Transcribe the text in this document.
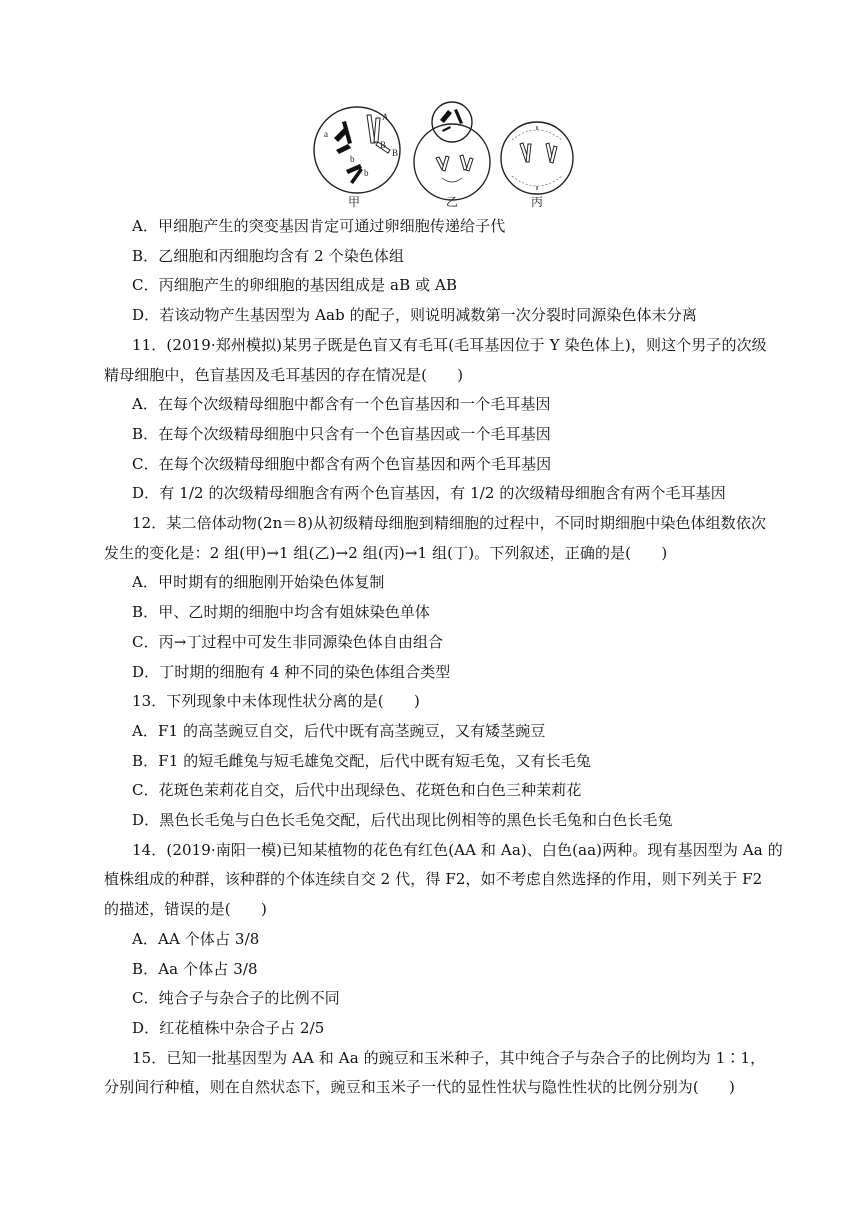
a
A
B
B
b
b
甲	乙	丙
A．甲细胞产生的突变基因肯定可通过卵细胞传递给子代
B．乙细胞和丙细胞均含有 2 个染色体组
C．丙细胞产生的卵细胞的基因组成是 aB 或 AB
D．若该动物产生基因型为 Aab 的配子，则说明减数第一次分裂时同源染色体未分离
11．(2019·郑州模拟)某男子既是色盲又有毛耳(毛耳基因位于 Y 染色体上)，则这个男子的次级
精母细胞中，色盲基因及毛耳基因的存在情况是(　　)
A．在每个次级精母细胞中都含有一个色盲基因和一个毛耳基因
B．在每个次级精母细胞中只含有一个色盲基因或一个毛耳基因
C．在每个次级精母细胞中都含有两个色盲基因和两个毛耳基因
D．有 1/2 的次级精母细胞含有两个色盲基因，有 1/2 的次级精母细胞含有两个毛耳基因
12．某二倍体动物(2n＝8)从初级精母细胞到精细胞的过程中，不同时期细胞中染色体组数依次
发生的变化是：2 组(甲)→1 组(乙)→2 组(丙)→1 组(丁)。下列叙述，正确的是(　　)
A．甲时期有的细胞刚开始染色体复制
B．甲、乙时期的细胞中均含有姐妹染色单体
C．丙→丁过程中可发生非同源染色体自由组合
D．丁时期的细胞有 4 种不同的染色体组合类型
13．下列现象中未体现性状分离的是(　　)
A．F1 的高茎豌豆自交，后代中既有高茎豌豆，又有矮茎豌豆
B．F1 的短毛雌兔与短毛雄兔交配，后代中既有短毛兔，又有长毛兔
C．花斑色茉莉花自交，后代中出现绿色、花斑色和白色三种茉莉花
D．黑色长毛兔与白色长毛兔交配，后代出现比例相等的黑色长毛兔和白色长毛兔
14．(2019·南阳一模)已知某植物的花色有红色(AA 和 Aa)、白色(aa)两种。现有基因型为 Aa 的
植株组成的种群，该种群的个体连续自交 2 代，得 F2，如不考虑自然选择的作用，则下列关于 F2
的描述，错误的是(　　)
A．AA 个体占 3/8
B．Aa 个体占 3/8
C．纯合子与杂合子的比例不同
D．红花植株中杂合子占 2/5
15．已知一批基因型为 AA 和 Aa 的豌豆和玉米种子，其中纯合子与杂合子的比例均为 1∶1，
分别间行种植，则在自然状态下，豌豆和玉米子一代的显性性状与隐性性状的比例分别为(　　)
